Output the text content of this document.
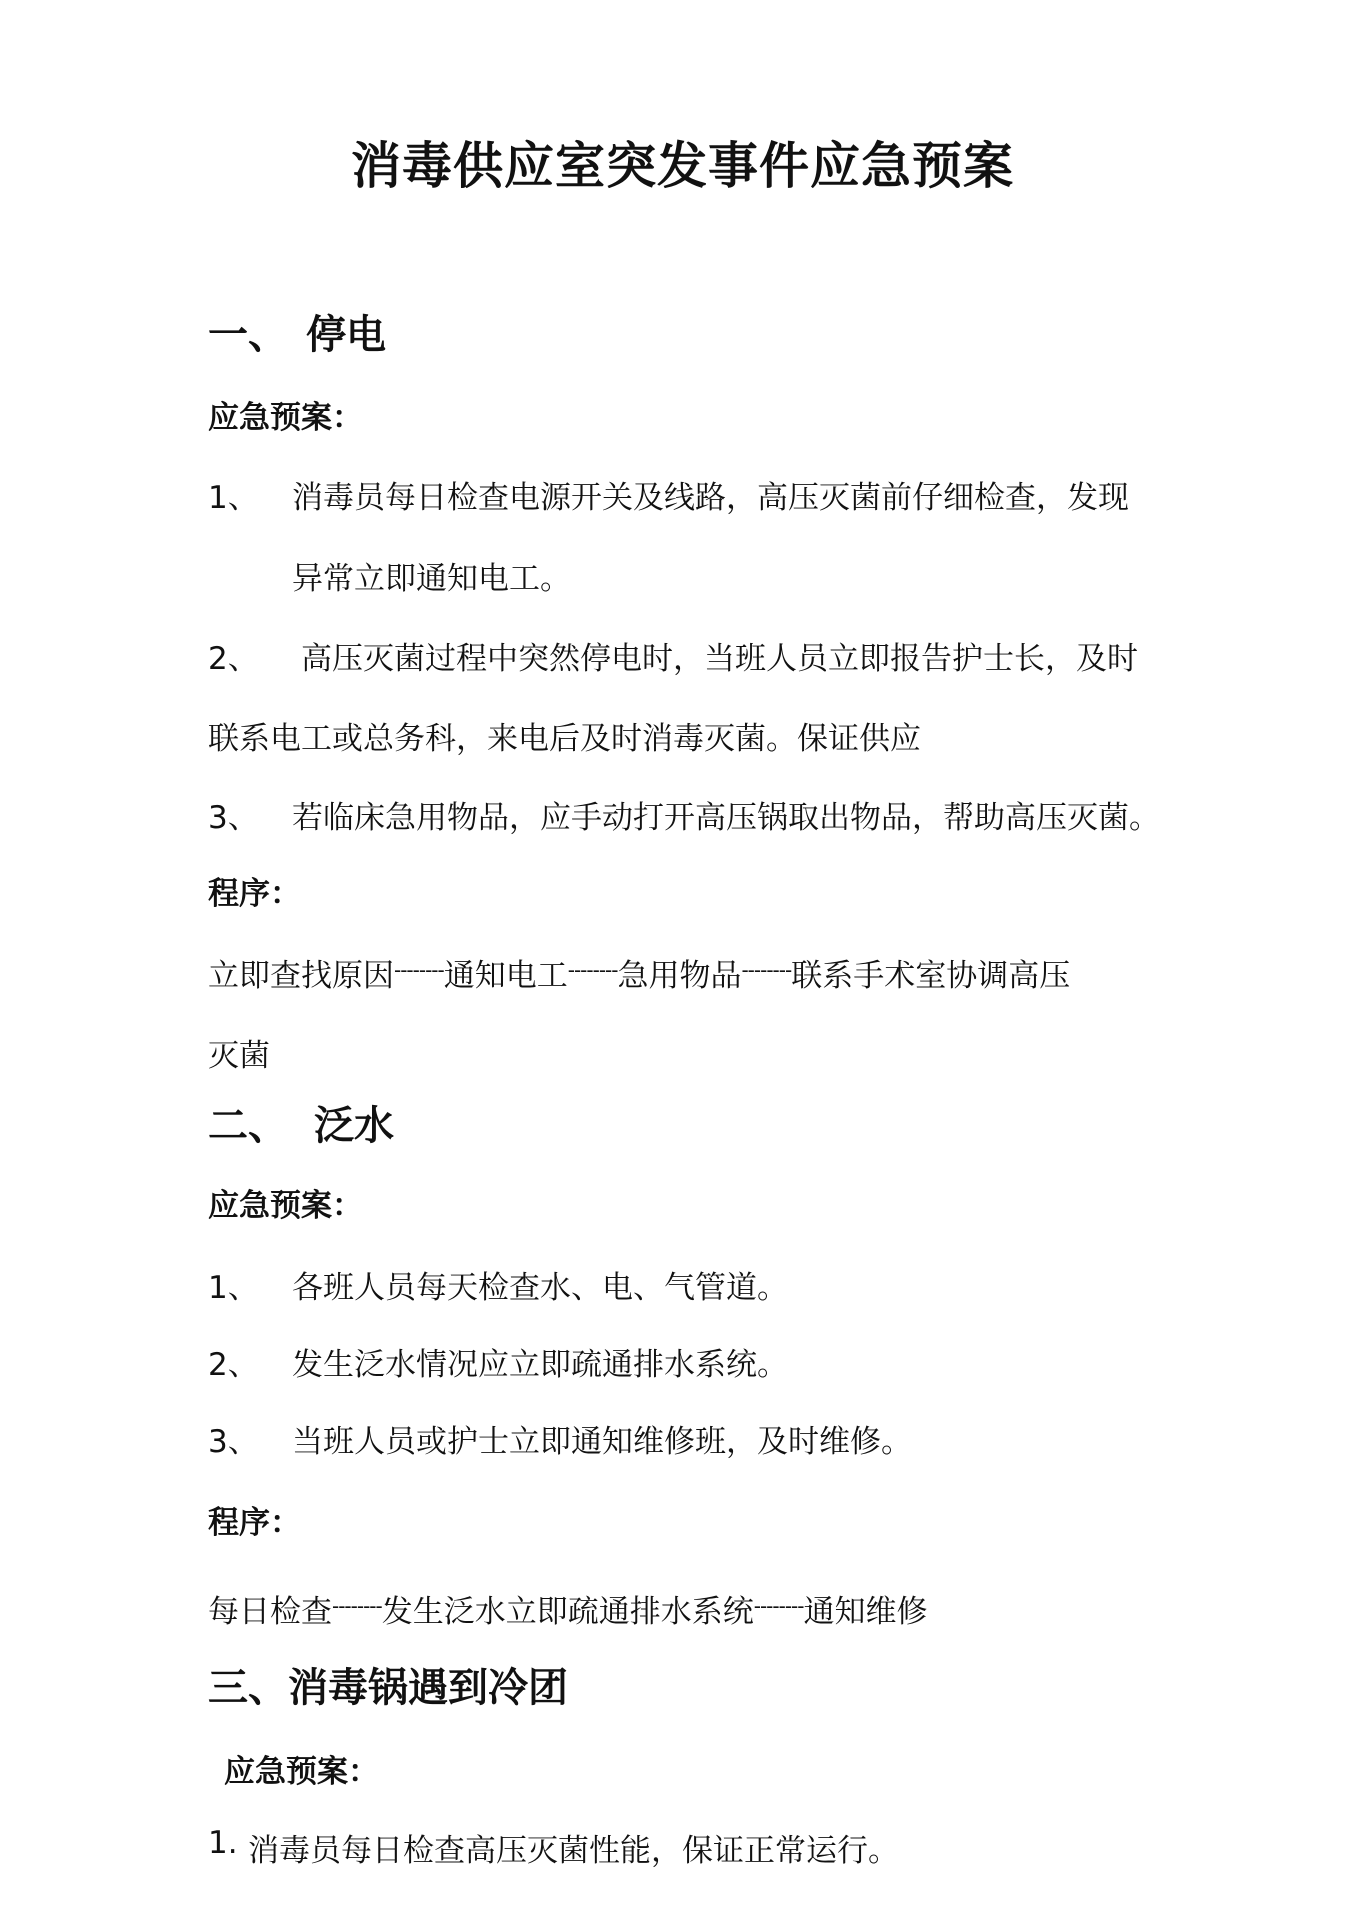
消毒供应室突发事件应急预案
一、 停电
应急预案：
1、 消毒员每日检查电源开关及线路，高压灭菌前仔细检查，发现
异常立即通知电工。
2、 高压灭菌过程中突然停电时，当班人员立即报告护士长，及时
联系电工或总务科，来电后及时消毒灭菌。保证供应
3、 若临床急用物品，应手动打开高压锅取出物品，帮助高压灭菌。
程序：
立即查找原因--------通知电工--------急用物品--------联系手术室协调高压
灭菌
二、 泛水
应急预案：
1、 各班人员每天检查水、电、气管道。
2、 发生泛水情况应立即疏通排水系统。
3、 当班人员或护士立即通知维修班，及时维修。
程序：
每日检查--------发生泛水立即疏通排水系统--------通知维修
三、消毒锅遇到冷团
应急预案：
1. 消毒员每日检查高压灭菌性能，保证正常运行。
